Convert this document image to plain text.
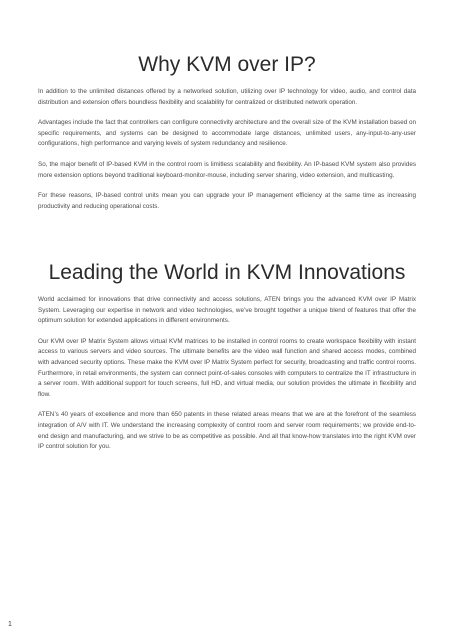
Why KVM over IP?

In addition to the unlimited distances offered by a networked solution, utilizing over IP technology for video, audio, and control data distribution and extension offers boundless flexibility and scalability for centralized or distributed network operation.

Advantages include the fact that controllers can configure connectivity architecture and the overall size of the KVM installation based on specific requirements, and systems can be designed to accommodate large distances, unlimited users, any-input-to-any-user configurations, high performance and varying levels of system redundancy and resilience.

So, the major benefit of IP-based KVM in the control room is limitless scalability and flexibility. An IP-based KVM system also provides more extension options beyond traditional keyboard-monitor-mouse, including server sharing, video extension, and multicasting.

For these reasons, IP-based control units mean you can upgrade your IP management efficiency at the same time as increasing productivity and reducing operational costs.

Leading the World in KVM Innovations

World acclaimed for innovations that drive connectivity and access solutions, ATEN brings you the advanced KVM over IP Matrix System. Leveraging our expertise in network and video technologies, we’ve brought together a unique blend of features that offer the optimum solution for extended applications in different environments.

Our KVM over IP Matrix System allows virtual KVM matrices to be installed in control rooms to create workspace flexibility with instant access to various servers and video sources. The ultimate benefits are the video wall function and shared access modes, combined with advanced security options. These make the KVM over IP Matrix System perfect for security, broadcasting and traffic control rooms. Furthermore, in retail environments, the system can connect point-of-sales consoles with computers to centralize the IT infrastructure in a server room. With additional support for touch screens, full HD, and virtual media, our solution provides the ultimate in flexibility and flow.

ATEN’s 40 years of excellence and more than 650 patents in these related areas means that we are at the forefront of the seamless integration of A/V with IT. We understand the increasing complexity of control room and server room requirements; we provide end-to-end design and manufacturing, and we strive to be as competitive as possible. And all that know-how translates into the right KVM over IP control solution for you.

1
